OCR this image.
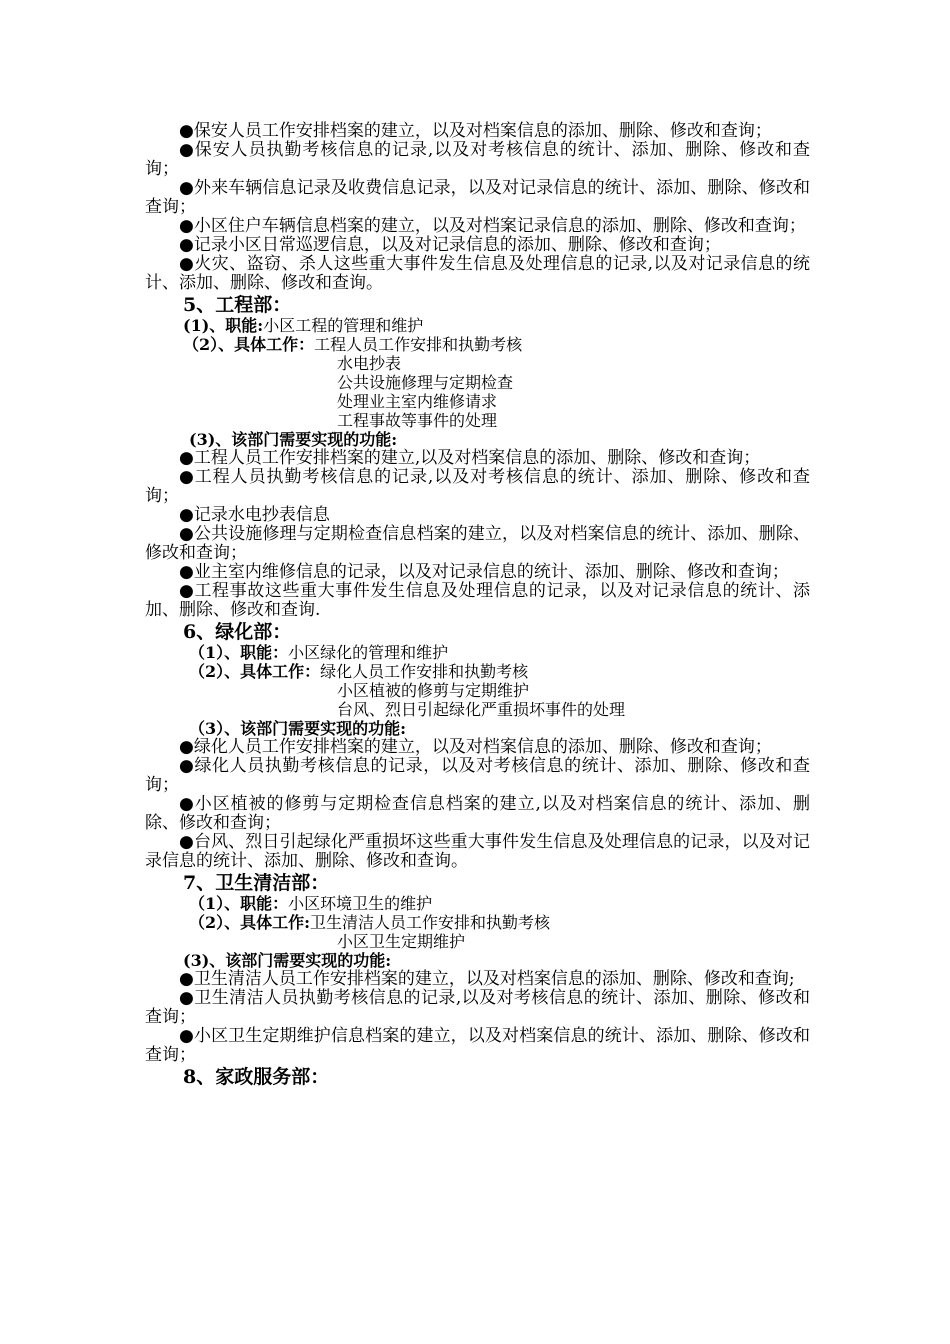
●保安人员工作安排档案的建立，以及对档案信息的添加、删除、修改和查询；

●保安人员执勤考核信息的记录,以及对考核信息的统计、添加、删除、修改和查询；

●外来车辆信息记录及收费信息记录，以及对记录信息的统计、添加、删除、修改和查询；

●小区住户车辆信息档案的建立，以及对档案记录信息的添加、删除、修改和查询；

●记录小区日常巡逻信息，以及对记录信息的添加、删除、修改和查询；

●火灾、盗窃、杀人这些重大事件发生信息及处理信息的记录,以及对记录信息的统计、添加、删除、修改和查询。

5、工程部：
(1)、职能:小区工程的管理和维护
（2）、具体工作：工程人员工作安排和执勤考核
水电抄表
公共设施修理与定期检查
处理业主室内维修请求
工程事故等事件的处理
(3)、该部门需要实现的功能:

●工程人员工作安排档案的建立,以及对档案信息的添加、删除、修改和查询；

●工程人员执勤考核信息的记录,以及对考核信息的统计、添加、删除、修改和查询；

●记录水电抄表信息

●公共设施修理与定期检查信息档案的建立，以及对档案信息的统计、添加、删除、修改和查询；

●业主室内维修信息的记录，以及对记录信息的统计、添加、删除、修改和查询；

●工程事故这些重大事件发生信息及处理信息的记录，以及对记录信息的统计、添加、删除、修改和查询.

6、绿化部：
（1）、职能：小区绿化的管理和维护
（2）、具体工作：绿化人员工作安排和执勤考核
小区植被的修剪与定期维护
台风、烈日引起绿化严重损坏事件的处理
（3）、该部门需要实现的功能:

●绿化人员工作安排档案的建立，以及对档案信息的添加、删除、修改和查询；

●绿化人员执勤考核信息的记录，以及对考核信息的统计、添加、删除、修改和查询；

●小区植被的修剪与定期检查信息档案的建立,以及对档案信息的统计、添加、删除、修改和查询；

●台风、烈日引起绿化严重损坏这些重大事件发生信息及处理信息的记录，以及对记录信息的统计、添加、删除、修改和查询。

7、卫生清洁部：
（1）、职能：小区环境卫生的维护
（2）、具体工作:卫生清洁人员工作安排和执勤考核
小区卫生定期维护
(3)、该部门需要实现的功能:

●卫生清洁人员工作安排档案的建立，以及对档案信息的添加、删除、修改和查询;

●卫生清洁人员执勤考核信息的记录,以及对考核信息的统计、添加、删除、修改和查询；

●小区卫生定期维护信息档案的建立，以及对档案信息的统计、添加、删除、修改和查询；

8、家政服务部：
